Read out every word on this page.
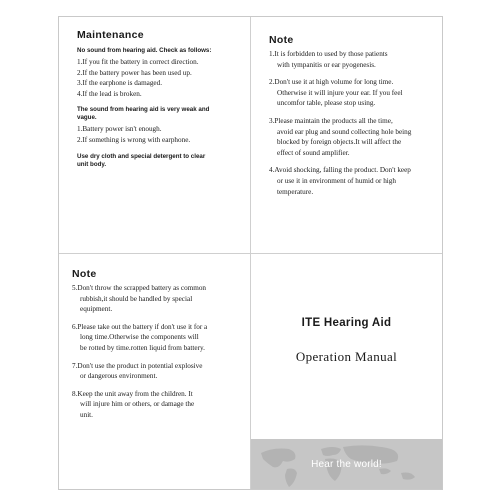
Maintenance
No sound from hearing aid. Check as follows:

1.If you fit the battery in correct direction.

2.If the battery power has been used up.

3.If the earphone is damaged.

4.If the lead is broken.

The sound from hearing aid is very weak and
vague.

1.Battery power isn't enough.

2.If something is wrong with earphone.

Use dry cloth and special detergent to clear
unit body.
Note

1.It is forbidden to used by those patients

with tympanitis or ear pyogenesis.

2.Don't use it at high volume for long time.

Otherwise it will injure your ear. If you feel

uncomfor table, please stop using.

3.Please maintain the products all the time,

avoid ear plug and sound collecting hole being

blocked by foreign objects.It will affect the

effect of sound amplifier.

4.Avoid shocking, falling the product. Don't keep

or use it in environment of humid or high

temperature.

Note

5.Don't throw the scrapped battery as common

rubbish,it should be handled by special

equipment.

6.Please take out the battery if don't use it for a

long time.Otherwise the components will

be rotted by time.rotten liquid from battery.

7.Don't use the product in potential explosive

or dangerous environment.

8.Keep the unit away from the children. It

will injure him or others, or damage the

unit.

ITE Hearing Aid
Operation Manual
Hear the world!
